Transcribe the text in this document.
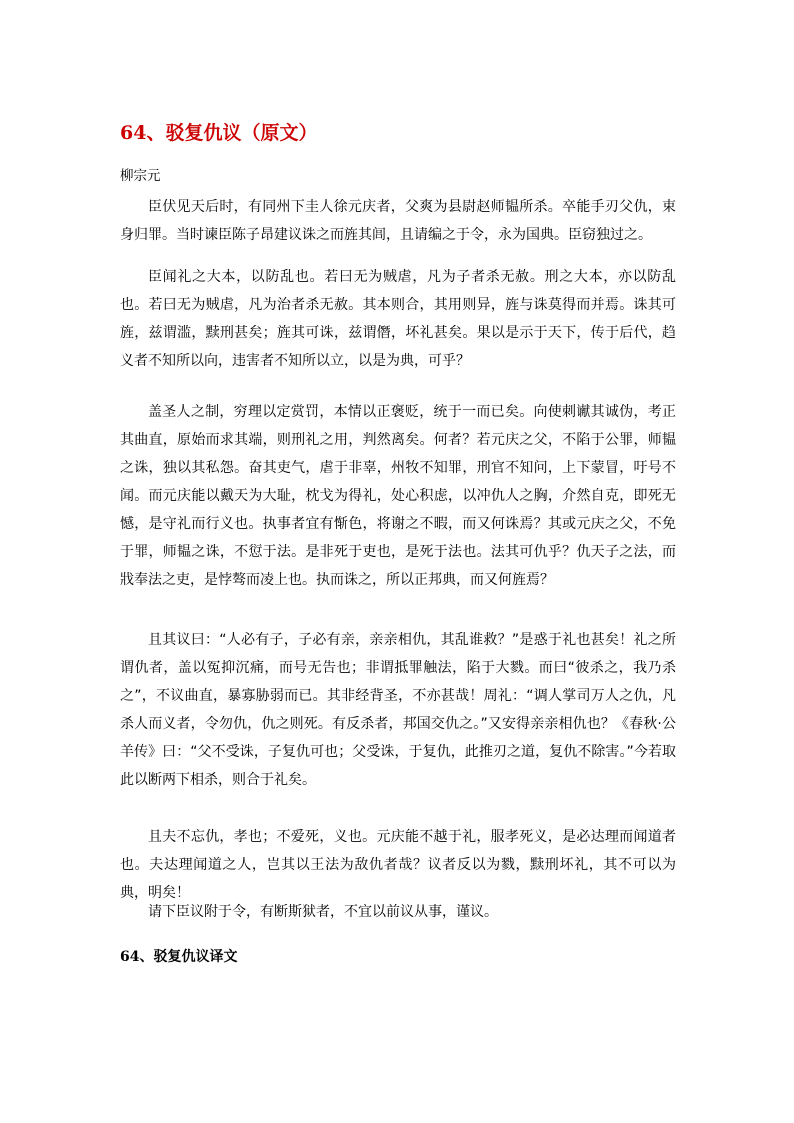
64、驳复仇议（原文）
柳宗元

臣伏见天后时，有同州下圭人徐元庆者，父爽为县尉赵师韫所杀。卒能手刃父仇，束身归罪。当时谏臣陈子昂建议诛之而旌其闾，且请编之于令，永为国典。臣窃独过之。

臣闻礼之大本，以防乱也。若曰无为贼虐，凡为子者杀无赦。刑之大本，亦以防乱也。若曰无为贼虐，凡为治者杀无赦。其本则合，其用则异，旌与诛莫得而并焉。诛其可旌，兹谓滥，黩刑甚矣；旌其可诛，兹谓僭，坏礼甚矣。果以是示于天下，传于后代，趋义者不知所以向，违害者不知所以立，以是为典，可乎？

盖圣人之制，穷理以定赏罚，本情以正褒贬，统于一而已矣。向使刺谳其诚伪，考正其曲直，原始而求其端，则刑礼之用，判然离矣。何者？若元庆之父，不陷于公罪，师韫之诛，独以其私怨。奋其吏气，虐于非辜，州牧不知罪，刑官不知问，上下蒙冒，吁号不闻。而元庆能以戴天为大耻，枕戈为得礼，处心积虑，以冲仇人之胸，介然自克，即死无憾，是守礼而行义也。执事者宜有惭色，将谢之不暇，而又何诛焉？其或元庆之父，不免于罪，师韫之诛，不愆于法。是非死于吏也，是死于法也。法其可仇乎？仇天子之法，而戕奉法之吏，是悖骜而凌上也。执而诛之，所以正邦典，而又何旌焉？

且其议曰：“人必有子，子必有亲，亲亲相仇，其乱谁救？”是惑于礼也甚矣！礼之所谓仇者，盖以冤抑沉痛，而号无告也；非谓抵罪触法，陷于大戮。而曰“彼杀之，我乃杀之”，不议曲直，暴寡胁弱而已。其非经背圣，不亦甚哉！周礼：“调人掌司万人之仇，凡杀人而义者，令勿仇，仇之则死。有反杀者，邦国交仇之。”又安得亲亲相仇也？《春秋·公羊传》曰：“父不受诛，子复仇可也；父受诛，于复仇，此推刃之道，复仇不除害。”今若取此以断两下相杀，则合于礼矣。

且夫不忘仇，孝也；不爱死，义也。元庆能不越于礼，服孝死义，是必达理而闻道者也。夫达理闻道之人，岂其以王法为敌仇者哉？议者反以为戮，黩刑坏礼，其不可以为典，明矣！

请下臣议附于令，有断斯狱者，不宜以前议从事，谨议。

64、驳复仇议译文
